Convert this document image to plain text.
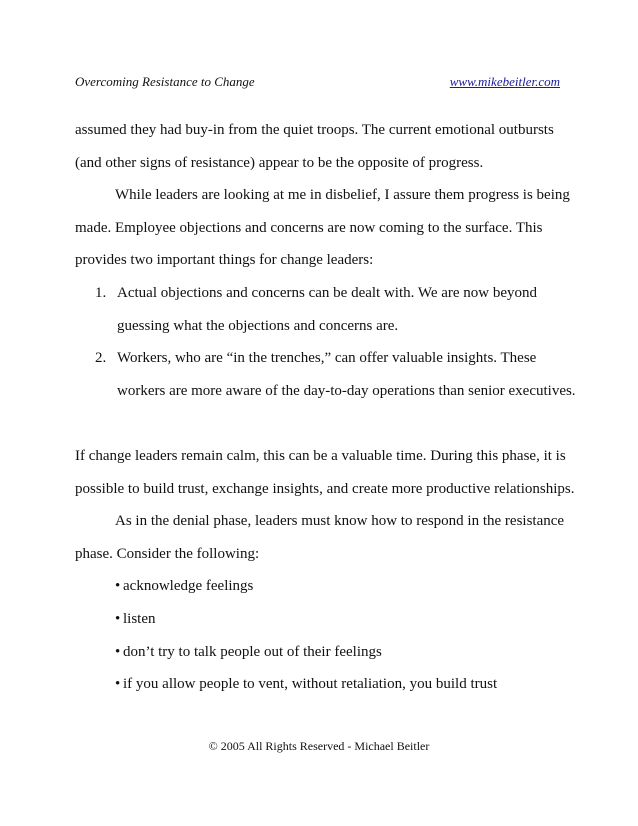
Overcoming Resistance to Change	www.mikebeitler.com
assumed they had buy-in from the quiet troops. The current emotional outbursts
(and other signs of resistance) appear to be the opposite of progress.
While leaders are looking at me in disbelief, I assure them progress is being
made. Employee objections and concerns are now coming to the surface. This
provides two important things for change leaders:
1. Actual objections and concerns can be dealt with. We are now beyond
guessing what the objections and concerns are.
2. Workers, who are “in the trenches,” can offer valuable insights. These
workers are more aware of the day-to-day operations than senior executives.
If change leaders remain calm, this can be a valuable time. During this phase, it is
possible to build trust, exchange insights, and create more productive relationships.
As in the denial phase, leaders must know how to respond in the resistance
phase. Consider the following:
• acknowledge feelings
• listen
• don’t try to talk people out of their feelings
• if you allow people to vent, without retaliation, you build trust
© 2005 All Rights Reserved - Michael Beitler
